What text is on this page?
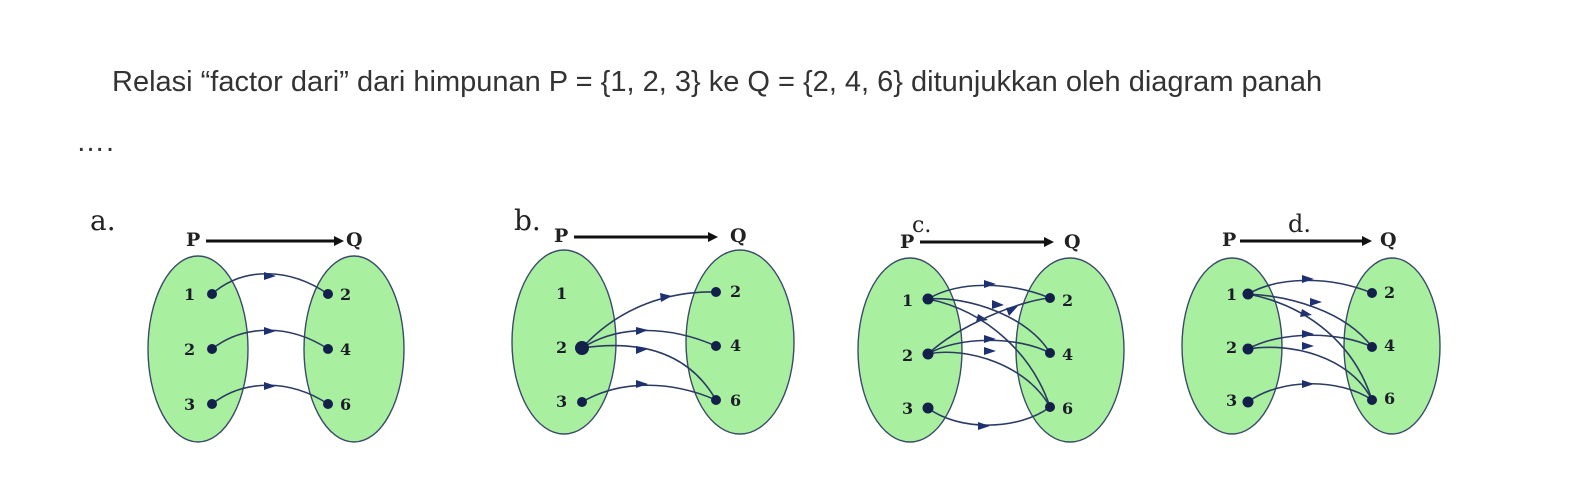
Relasi “factor dari” dari himpunan P = {1, 2, 3} ke Q = {2, 4, 6} ditunjukkan oleh diagram panah
….
a.
P	Q
1
2
3
2
4
6
b. P	Q
1
2
3
2
4
6
P
c.
Q
1
2
3
2
4
6
P
d.
Q
1
2
3
2
4
6
